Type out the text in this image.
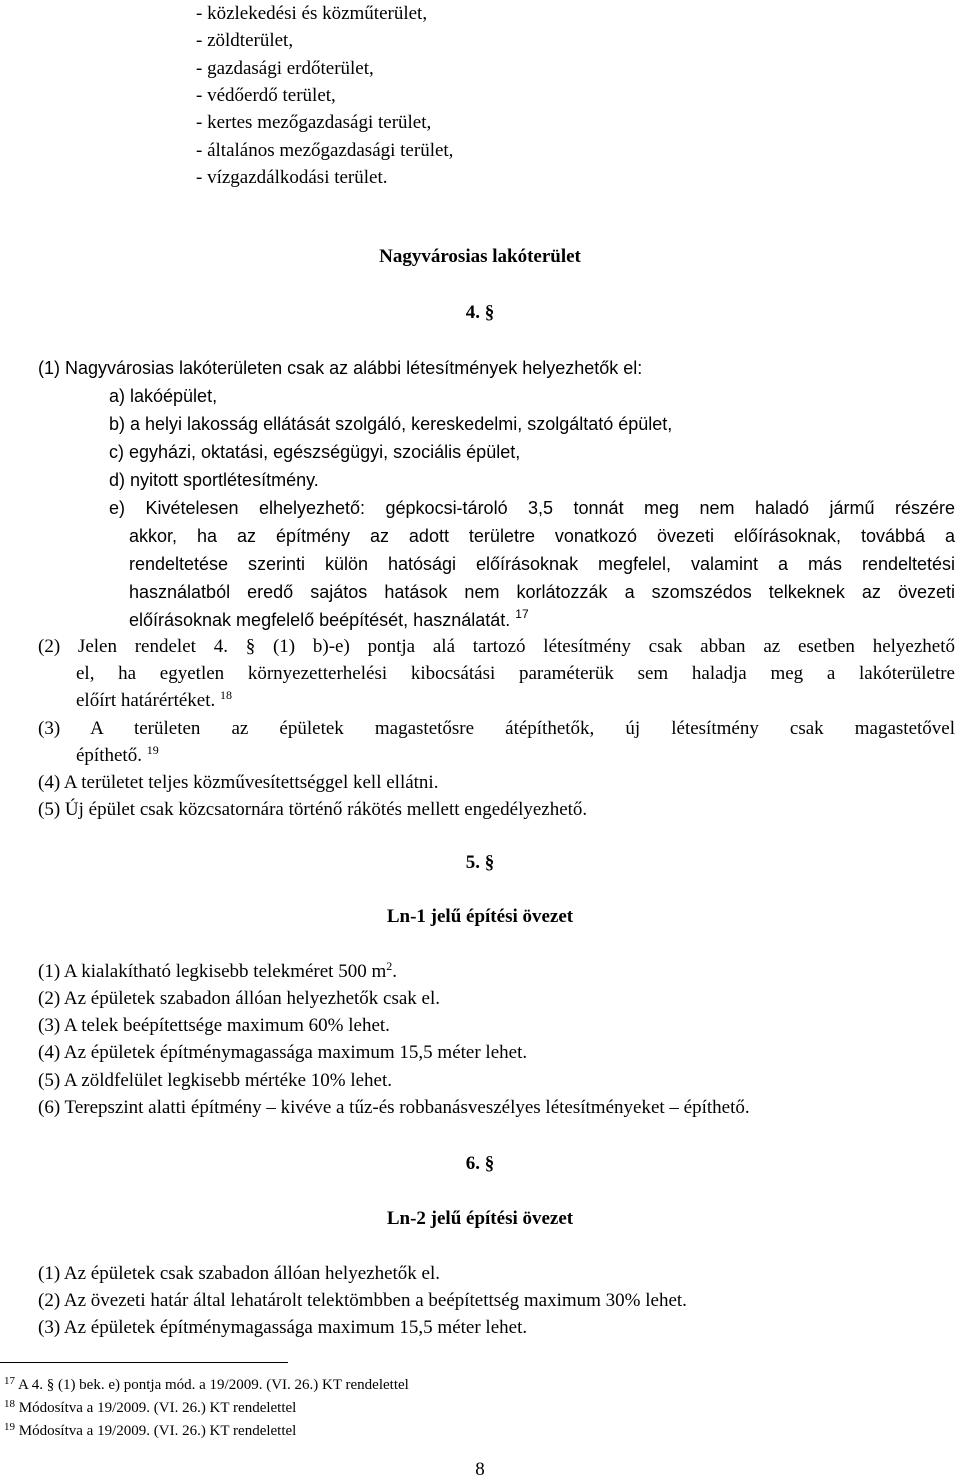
- közlekedési és közműterület,
- zöldterület,
- gazdasági erdőterület,
- védőerdő terület,
- kertes mezőgazdasági terület,
- általános mezőgazdasági terület,
- vízgazdálkodási terület.
Nagyvárosias lakóterület
4. §
(1) Nagyvárosias lakóterületen csak az alábbi létesítmények helyezhetők el:
a) lakóépület,
b) a helyi lakosság ellátását szolgáló, kereskedelmi, szolgáltató épület,
c) egyházi, oktatási, egészségügyi, szociális épület,
d) nyitott sportlétesítmény.
e) Kivételesen elhelyezhető: gépkocsi-tároló 3,5 tonnát meg nem haladó jármű részére
akkor, ha az építmény az adott területre vonatkozó övezeti előírásoknak, továbbá a
rendeltetése szerinti külön hatósági előírásoknak megfelel, valamint a más rendeltetési
használatból eredő sajátos hatások nem korlátozzák a szomszédos telkeknek az övezeti
előírásoknak megfelelő beépítését, használatát. $^{17}$
(2) Jelen rendelet 4. § (1) b)-e) pontja alá tartozó létesítmény csak abban az esetben helyezhető
el, ha egyetlen környezetterhelési kibocsátási paraméterük sem haladja meg a lakóterületre
előírt határértéket. $^{18}$
(3) A területen az épületek magastetősre átépíthetők, új létesítmény csak magastetővel
építhető. $^{19}$
(4) A területet teljes közművesítettséggel kell ellátni.
(5) Új épület csak közcsatornára történő rákötés mellett engedélyezhető.
5. §
Ln-1 jelű építési övezet
(1) A kialakítható legkisebb telekméret 500 $m^2$.
(2) Az épületek szabadon állóan helyezhetők csak el.
(3) A telek beépítettsége maximum 60% lehet.
(4) Az épületek építménymagassága maximum 15,5 méter lehet.
(5) A zöldfelület legkisebb mértéke 10% lehet.
(6) Terepszint alatti építmény – kivéve a tűz-és robbanásveszélyes létesítményeket – építhető.
6. §
Ln-2 jelű építési övezet
(1) Az épületek csak szabadon állóan helyezhetők el.
(2) Az övezeti határ által lehatárolt telektömbben a beépítettség maximum 30% lehet.
(3) Az épületek építménymagassága maximum 15,5 méter lehet.
$^{17}$ A 4. § (1) bek. e) pontja mód. a 19/2009. (VI. 26.) KT rendelettel
$^{18}$ Módosítva a 19/2009. (VI. 26.) KT rendelettel
$^{19}$ Módosítva a 19/2009. (VI. 26.) KT rendelettel
8
